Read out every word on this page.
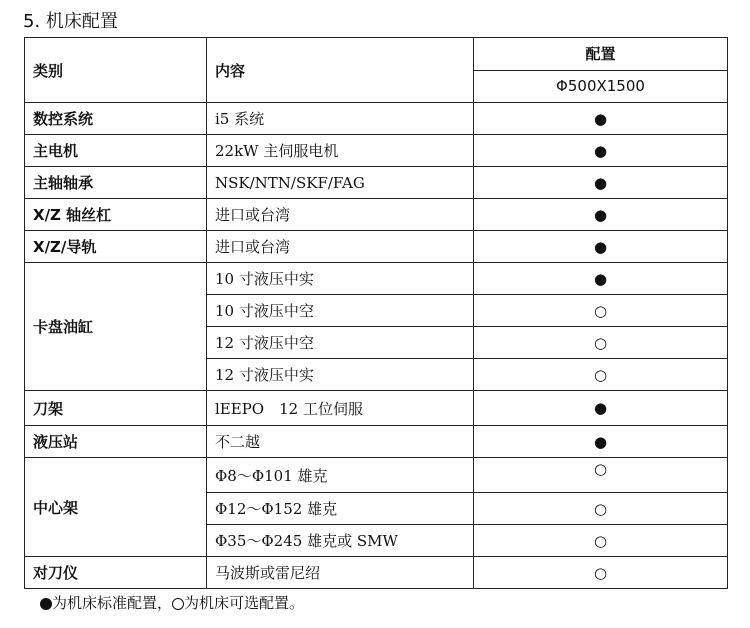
5. 机床配置
类别	内容	配置
		Φ500X1500
数控系统	i5 系统	●
主电机	22kW 主伺服电机	●
主轴轴承	NSK/NTN/SKF/FAG	●
X/Z 轴丝杠	进口或台湾	●
X/Z/导轨	进口或台湾	●
卡盘油缸	10 寸液压中实	●
	10 寸液压中空	○
	12 寸液压中空	○
	12 寸液压中实	○
刀架	lEEPO　12 工位伺服	●
液压站	不二越	●
中心架	Φ8～Φ101 雄克	○
	Φ12～Φ152 雄克	○
	Φ35～Φ245 雄克或 SMW	○
对刀仪	马波斯或雷尼绍	○
为机床标准配置， 为机床可选配置。
